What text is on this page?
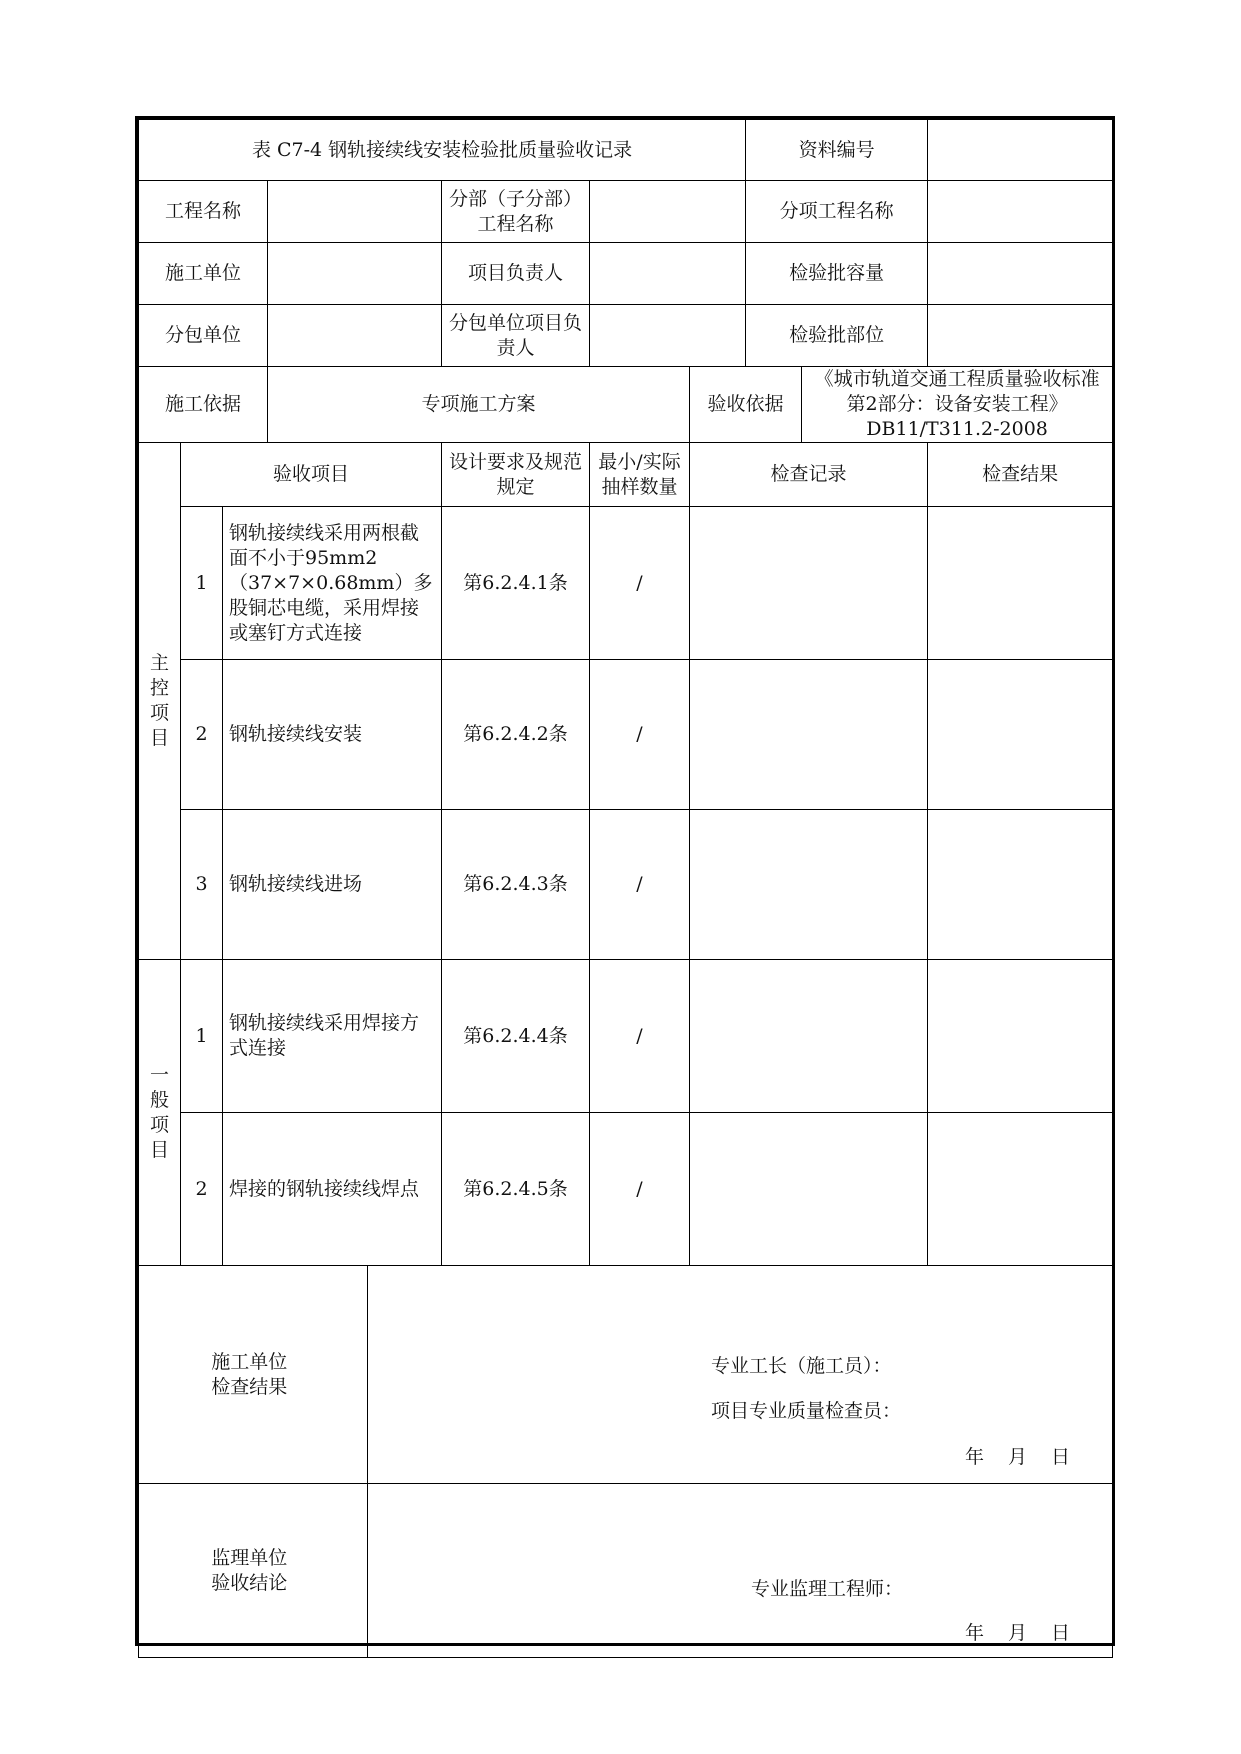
表 C7-4 钢轨接续线安装检验批质量验收记录								资料编号		
工程名称					分部（子分部）工程名称			分项工程名称		
施工单位					项目负责人			检验批容量		
分包单位					分包单位项目负责人			检验批部位		
施工依据			专项施工方案				验收依据		《城市轨道交通工程质量验收标准第2部分：设备安装工程》DB11/T311.2-2008	
主控项目	验收项目				设计要求及规范规定	最小/实际抽样数量	检查记录			检查结果
	1	钢轨接续线采用两根截面不小于95mm2（37×7×0.68mm）多股铜芯电缆，采用焊接或塞钉方式连接			第6.2.4.1条	/				
	2	钢轨接续线安装			第6.2.4.2条	/				
	3	钢轨接续线进场			第6.2.4.3条	/				
一般项目	1	钢轨接续线采用焊接方式连接			第6.2.4.4条	/				
	2	焊接的钢轨接续线焊点			第6.2.4.5条	/				
施工单位检查结果				专业工长（施工员）：
项目专业质量检查员：
年 月 日						

监理单位验收结论				专业监理工程师：
年 月 日						
